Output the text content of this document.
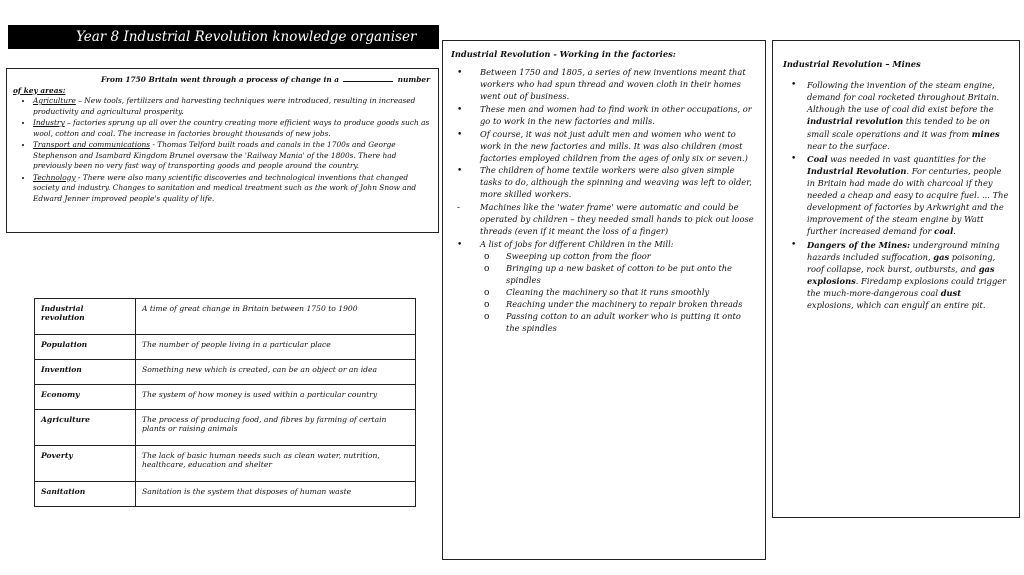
Year 8 Industrial Revolution knowledge organiser
From 1750 Britain went through a process of change in a	number
of key areas:
• Agriculture – New tools, fertilizers and harvesting techniques were introduced, resulting in increased productivity and agricultural prosperity.
• Industry – factories sprung up all over the country creating more efficient ways to produce goods such as wool, cotton and coal. The increase in factories brought thousands of new jobs.
• Transport and communications - Thomas Telford built roads and canals in the 1700s and George Stephenson and Isambard Kingdom Brunel oversaw the 'Railway Mania' of the 1800s. There had previously been no very fast way of transporting goods and people around the country.
• Technology - There were also many scientific discoveries and technological inventions that changed society and industry. Changes to sanitation and medical treatment such as the work of John Snow and Edward Jenner improved people's quality of life.
Industrial revolution	A time of great change in Britain between 1750 to 1900
Population	The number of people living in a particular place
Invention	Something new which is created, can be an object or an idea
Economy	The system of how money is used within a particular country
Agriculture	The process of producing food, and fibres by farming of certain plants or raising animals
Poverty	The lack of basic human needs such as clean water, nutrition, healthcare, education and shelter
Sanitation	Sanitation is the system that disposes of human waste
Industrial Revolution - Working in the factories:
• Between 1750 and 1805, a series of new inventions meant that workers who had spun thread and woven cloth in their homes went out of business.
• These men and women had to find work in other occupations, or go to work in the new factories and mills.
• Of course, it was not just adult men and women who went to work in the new factories and mills. It was also children (most factories employed children from the ages of only six or seven.)
• The children of home textile workers were also given simple tasks to do, although the spinning and weaving was left to older, more skilled workers.
- Machines like the 'water frame' were automatic and could be operated by children – they needed small hands to pick out loose threads (even if it meant the loss of a finger)
• A list of jobs for different Children in the Mill:
o Sweeping up cotton from the floor
o Bringing up a new basket of cotton to be put onto the spindles
o Cleaning the machinery so that it runs smoothly
o Reaching under the machinery to repair broken threads
o Passing cotton to an adult worker who is putting it onto the spindles
Industrial Revolution – Mines
• Following the invention of the steam engine, demand for coal rocketed throughout Britain. Although the use of coal did exist before the industrial revolution this tended to be on small scale operations and it was from mines near to the surface.
• Coal was needed in vast quantities for the Industrial Revolution. For centuries, people in Britain had made do with charcoal if they needed a cheap and easy to acquire fuel. ... The development of factories by Arkwright and the improvement of the steam engine by Watt further increased demand for coal.
• Dangers of the Mines: underground mining hazards included suffocation, gas poisoning, roof collapse, rock burst, outbursts, and gas explosions. Firedamp explosions could trigger the much-more-dangerous coal dust explosions, which can engulf an entire pit.
